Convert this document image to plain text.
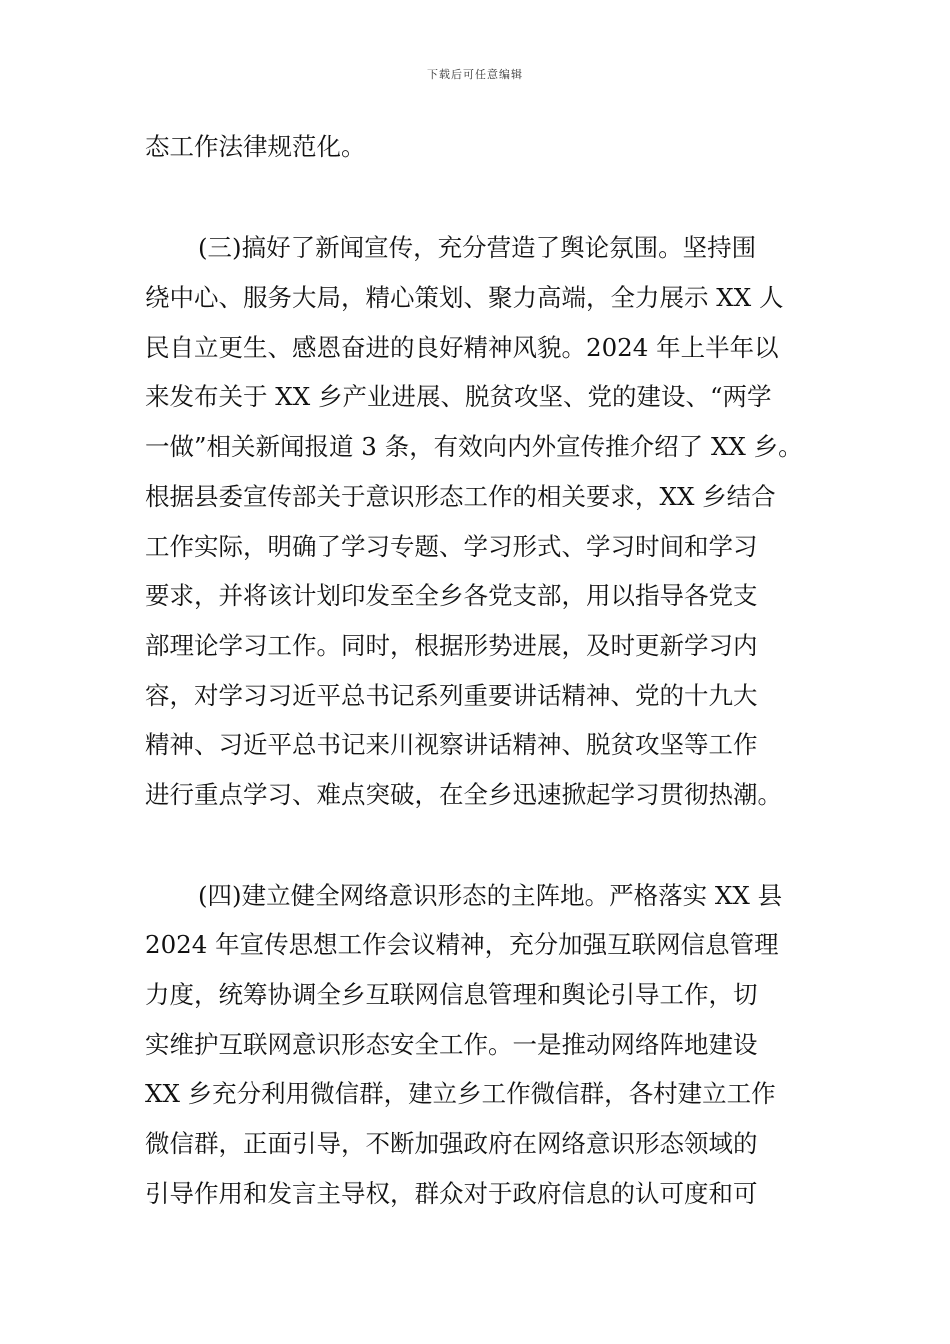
下载后可任意编辑
态工作法律规范化。
(三)搞好了新闻宣传，充分营造了舆论氛围。坚持围
绕中心、服务大局，精心策划、聚力高端，全力展示 XX 人
民自立更生、感恩奋进的良好精神风貌。2024 年上半年以
来发布关于 XX 乡产业进展、脱贫攻坚、党的建设、“两学
一做”相关新闻报道 3 条，有效向内外宣传推介绍了 XX 乡。
根据县委宣传部关于意识形态工作的相关要求，XX 乡结合
工作实际，明确了学习专题、学习形式、学习时间和学习
要求，并将该计划印发至全乡各党支部，用以指导各党支
部理论学习工作。同时，根据形势进展，及时更新学习内
容，对学习习近平总书记系列重要讲话精神、党的十九大
精神、习近平总书记来川视察讲话精神、脱贫攻坚等工作
进行重点学习、难点突破，在全乡迅速掀起学习贯彻热潮。
(四)建立健全网络意识形态的主阵地。严格落实 XX 县
2024 年宣传思想工作会议精神，充分加强互联网信息管理
力度，统筹协调全乡互联网信息管理和舆论引导工作，切
实维护互联网意识形态安全工作。一是推动网络阵地建设
XX 乡充分利用微信群，建立乡工作微信群，各村建立工作
微信群，正面引导，不断加强政府在网络意识形态领域的
引导作用和发言主导权，群众对于政府信息的认可度和可
